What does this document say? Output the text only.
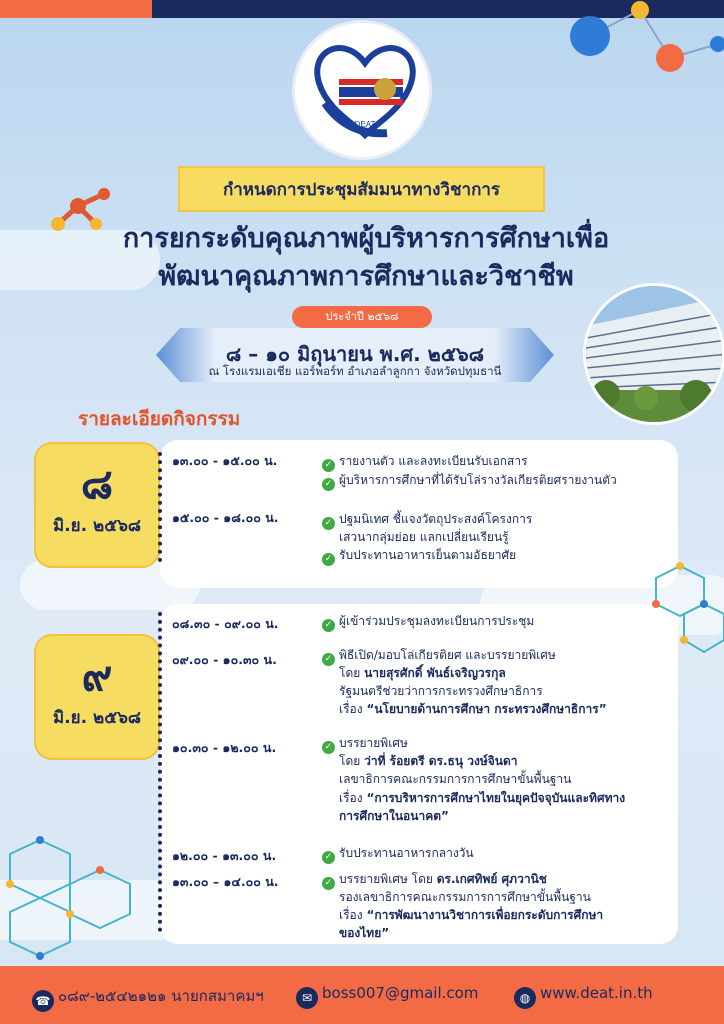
DEAT
กำหนดการประชุมสัมมนาทางวิชาการ
การยกระดับคุณภาพผู้บริหารการศึกษาเพื่อ
พัฒนาคุณภาพการศึกษาและวิชาชีพ
ประจำปี ๒๕๖๘
๘ – ๑๐ มิถุนายน พ.ศ. ๒๕๖๘
ณ โรงแรมเอเชีย แอร์พอร์ท อำเภอลำลูกกา จังหวัดปทุมธานี
รายละเอียดกิจกรรม
๘
มิ.ย. ๒๕๖๘
๑๓.๐๐ - ๑๕.๐๐ น.	✓ รายงานตัว และลงทะเบียนรับเอกสาร
✓ ผู้บริหารการศึกษาที่ได้รับโล่รางวัลเกียรติยศรายงานตัว
๑๕.๐๐ - ๑๘.๐๐ น.	✓ ปฐมนิเทศ ชี้แจงวัตถุประสงค์โครงการ
เสวนากลุ่มย่อย แลกเปลี่ยนเรียนรู้
✓ รับประทานอาหารเย็นตามอัธยาศัย
๙
มิ.ย. ๒๕๖๘
๐๘.๓๐ - ๐๙.๐๐ น.	✓ ผู้เข้าร่วมประชุมลงทะเบียนการประชุม
๐๙.๐๐ - ๑๐.๓๐ น.	✓ พิธีเปิด/มอบโล่เกียรติยศ และบรรยายพิเศษ
โดย นายสุรศักดิ์ พันธ์เจริญวรกุล
รัฐมนตรีช่วยว่าการกระทรวงศึกษาธิการ
เรื่อง “นโยบายด้านการศึกษา กระทรวงศึกษาธิการ”
๑๐.๓๐ - ๑๒.๐๐ น.	✓ บรรยายพิเศษ
โดย ว่าที่ ร้อยตรี ดร.ธนุ วงษ์จินดา
เลขาธิการคณะกรรมการการศึกษาขั้นพื้นฐาน
เรื่อง “การบริหารการศึกษาไทยในยุคปัจจุบันและทิศทาง
การศึกษาในอนาคต”
๑๒.๐๐ - ๑๓.๐๐ น.	✓ รับประทานอาหารกลางวัน
๑๓.๐๐ – ๑๔.๐๐ น.	✓ บรรยายพิเศษ โดย ดร.เกศทิพย์ ศุภวานิช
รองเลขาธิการคณะกรรมการการศึกษาขั้นพื้นฐาน
เรื่อง “การพัฒนางานวิชาการเพื่อยกระดับการศึกษา
ของไทย”
☎ ๐๘๙-๒๕๔๒๑๒๑ นายกสมาคมฯ	✉ boss007@gmail.com	◍ www.deat.in.th
